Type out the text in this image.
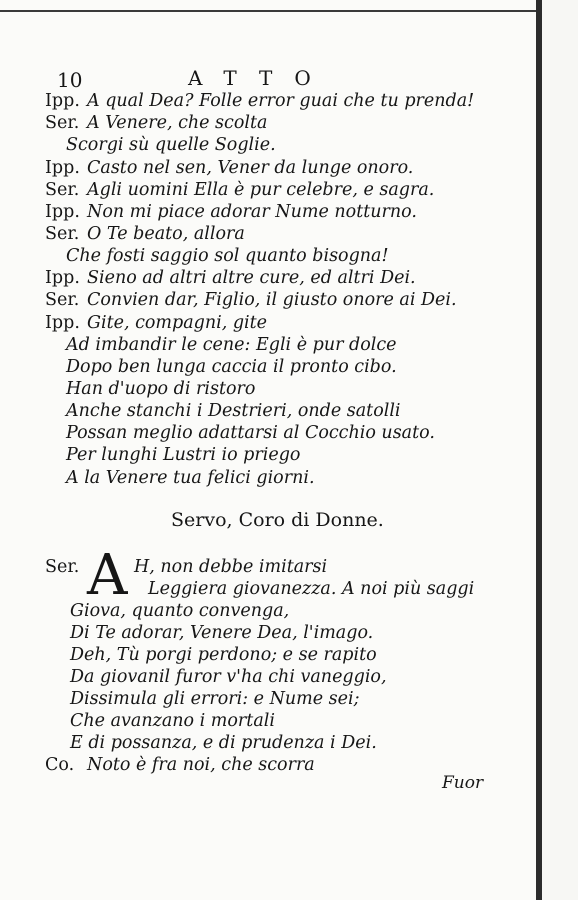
10	ATTO
Ipp. A qual Dea? Folle error guai che tu prenda!
Ser. A Venere, che scolta
Scorgi sù quelle Soglie.
Ipp. Casto nel sen, Vener da lunge onoro.
Ser. Agli uomini Ella è pur celebre, e sagra.
Ipp. Non mi piace adorar Nume notturno.
Ser. O Te beato, allora
Che fosti saggio sol quanto bisogna!
Ipp. Sieno ad altri altre cure, ed altri Dei.
Ser. Convien dar, Figlio, il giusto onore ai Dei.
Ipp. Gite, compagni, gite
Ad imbandir le cene: Egli è pur dolce
Dopo ben lunga caccia il pronto cibo.
Han d'uopo di ristoro
Anche stanchi i Destrieri, onde satolli
Possan meglio adattarsi al Cocchio usato.
Per lunghi Lustri io priego
A la Venere tua felici giorni.
Servo, Coro di Donne.
Ser. A H, non debbe imitarsi
Leggiera giovanezza. A noi più saggi
Giova, quanto convenga,
Di Te adorar, Venere Dea, l'imago.
Deh, Tù porgi perdono; e se rapito
Da giovanil furor v'ha chi vaneggio,
Dissimula gli errori: e Nume sei;
Che avanzano i mortali
E di possanza, e di prudenza i Dei.
Co. Noto è fra noi, che scorra
Fuor
